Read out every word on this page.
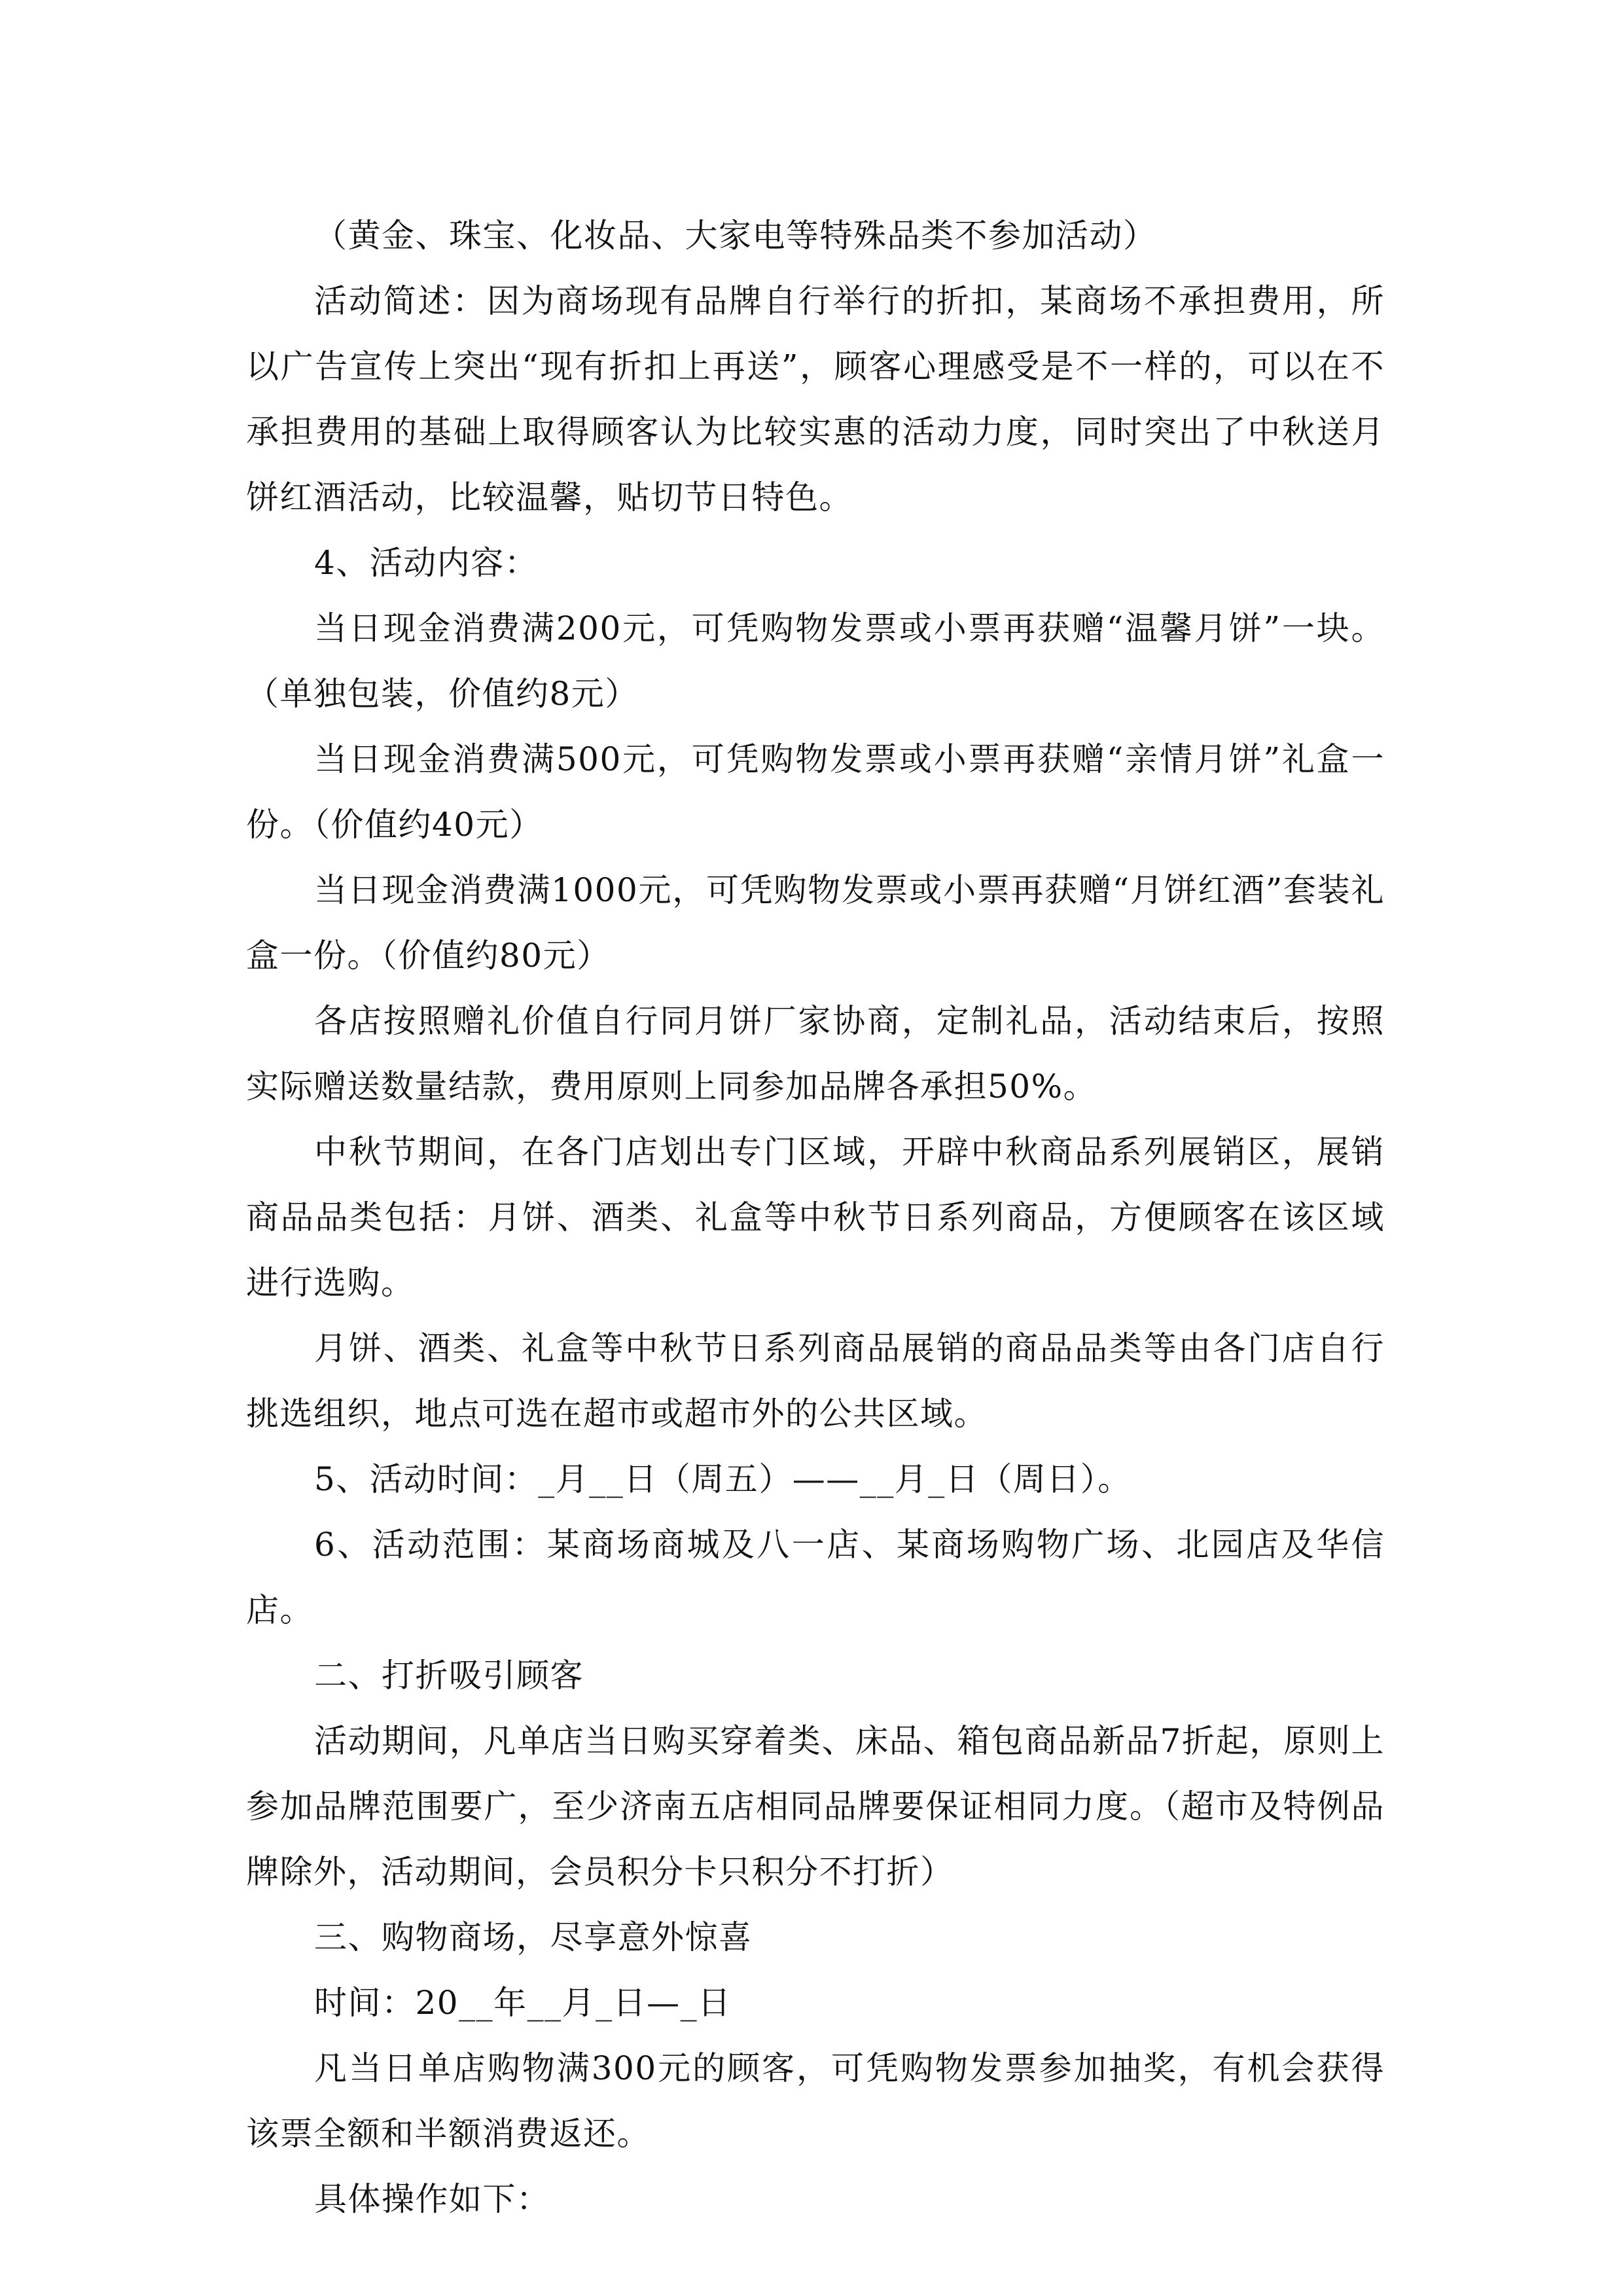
（黄金、珠宝、化妆品、大家电等特殊品类不参加活动）

活动简述：因为商场现有品牌自行举行的折扣，某商场不承担费用，所以广告宣传上突出“现有折扣上再送”，顾客心理感受是不一样的，可以在不承担费用的基础上取得顾客认为比较实惠的活动力度，同时突出了中秋送月饼红酒活动，比较温馨，贴切节日特色。

4、活动内容：

当日现金消费满200元，可凭购物发票或小票再获赠“温馨月饼”一块。（单独包装，价值约8元）

当日现金消费满500元，可凭购物发票或小票再获赠“亲情月饼”礼盒一份。（价值约40元）

当日现金消费满1000元，可凭购物发票或小票再获赠“月饼红酒”套装礼盒一份。（价值约80元）

各店按照赠礼价值自行同月饼厂家协商，定制礼品，活动结束后，按照实际赠送数量结款，费用原则上同参加品牌各承担50%。

中秋节期间，在各门店划出专门区域，开辟中秋商品系列展销区，展销商品品类包括：月饼、酒类、礼盒等中秋节日系列商品，方便顾客在该区域进行选购。

月饼、酒类、礼盒等中秋节日系列商品展销的商品品类等由各门店自行挑选组织，地点可选在超市或超市外的公共区域。

5、活动时间：_月__日（周五）——__月_日（周日）。

6、活动范围：某商场商城及八一店、某商场购物广场、北园店及华信店。

二、打折吸引顾客

活动期间，凡单店当日购买穿着类、床品、箱包商品新品7折起，原则上参加品牌范围要广，至少济南五店相同品牌要保证相同力度。（超市及特例品牌除外，活动期间，会员积分卡只积分不打折）

三、购物商场，尽享意外惊喜

时间：20__年__月_日—_日

凡当日单店购物满300元的顾客，可凭购物发票参加抽奖，有机会获得该票全额和半额消费返还。

具体操作如下：
